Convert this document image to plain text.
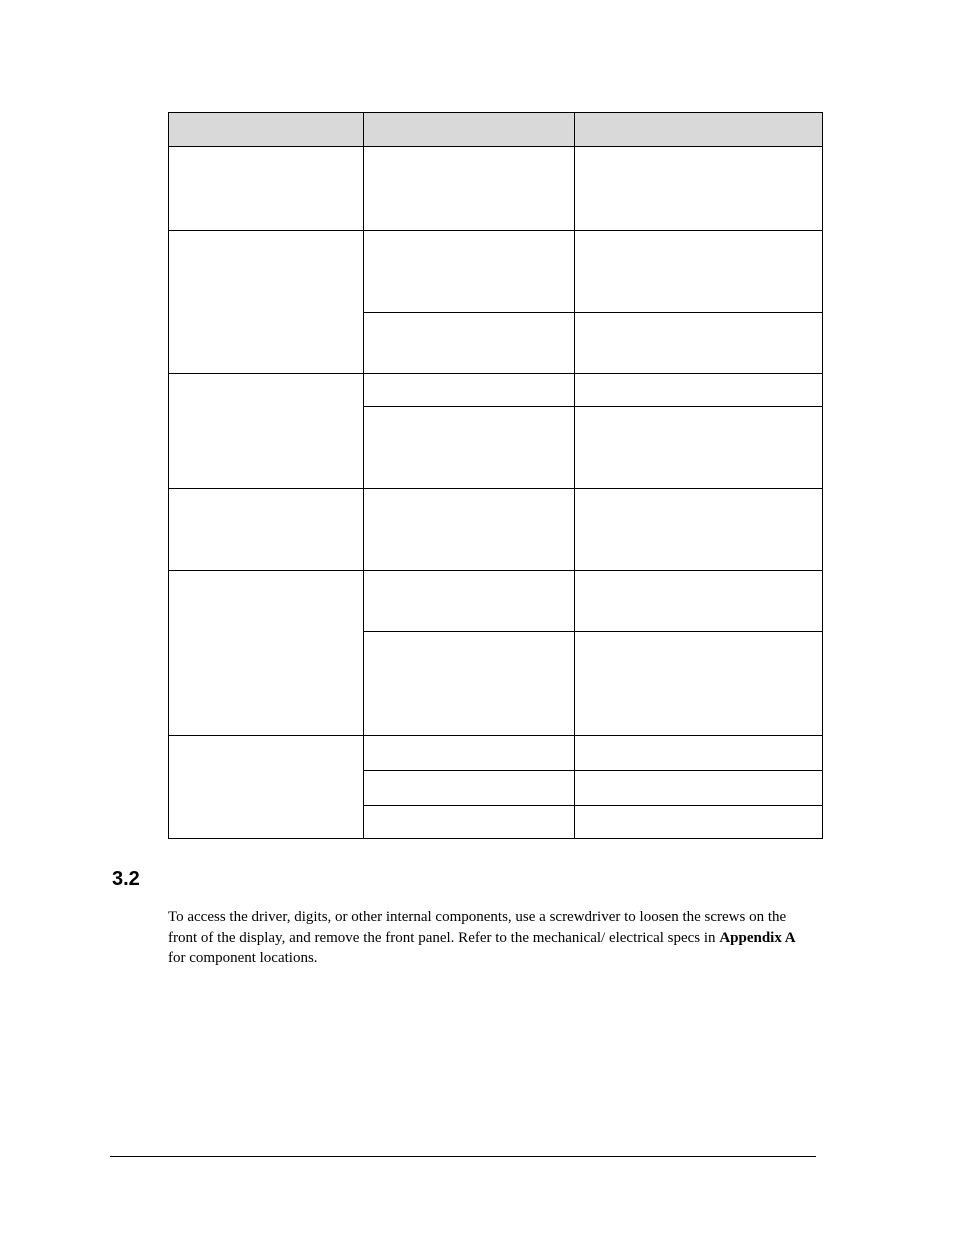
3.2

To access the driver, digits, or other internal components, use a screwdriver to loosen the screws on the front of the display, and remove the front panel. Refer to the mechanical/ electrical specs in Appendix A for component locations.
